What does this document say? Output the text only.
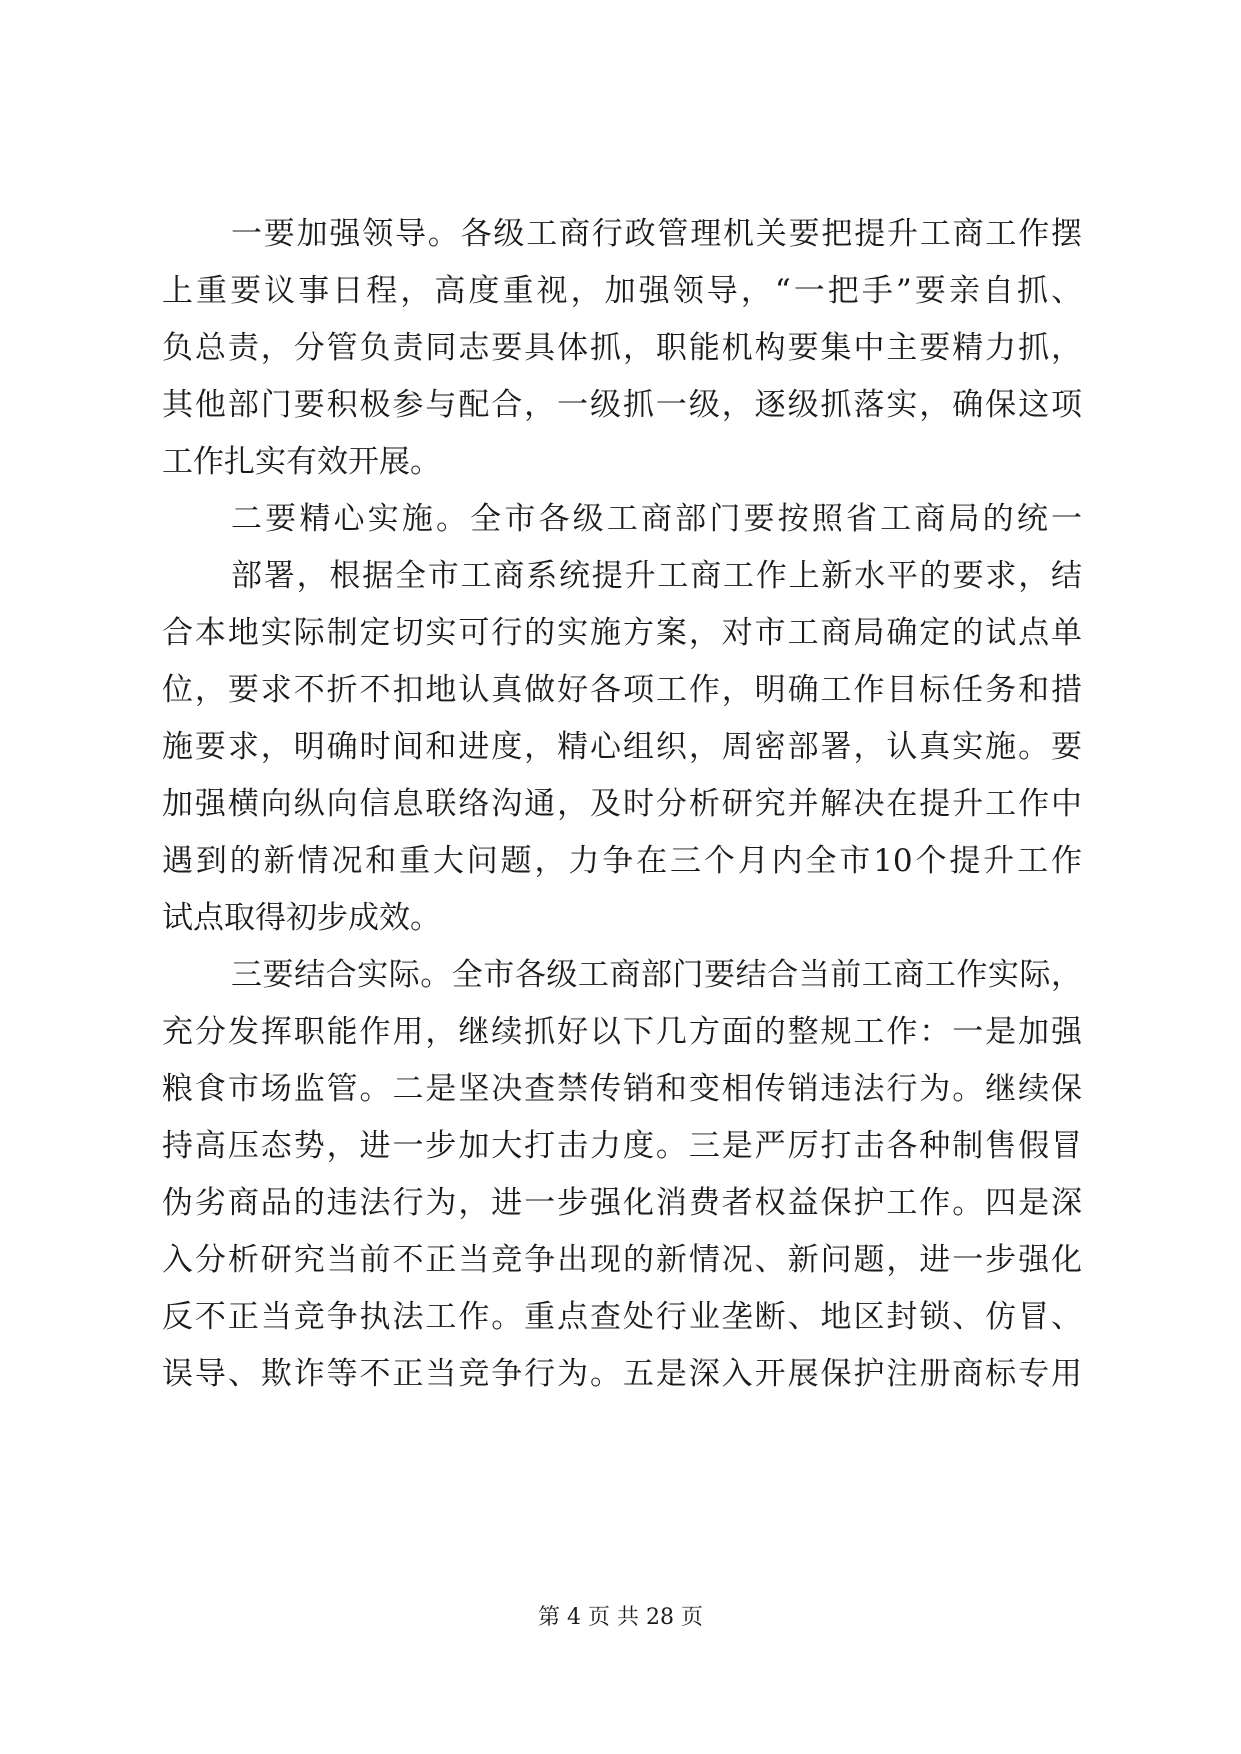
一要加强领导。各级工商行政管理机关要把提升工商工作摆
上重要议事日程，高度重视，加强领导，“一把手”要亲自抓、
负总责，分管负责同志要具体抓，职能机构要集中主要精力抓，
其他部门要积极参与配合，一级抓一级，逐级抓落实，确保这项
工作扎实有效开展。
二要精心实施。全市各级工商部门要按照省工商局的统一
部署，根据全市工商系统提升工商工作上新水平的要求，结
合本地实际制定切实可行的实施方案，对市工商局确定的试点单
位，要求不折不扣地认真做好各项工作，明确工作目标任务和措
施要求，明确时间和进度，精心组织，周密部署，认真实施。要
加强横向纵向信息联络沟通，及时分析研究并解决在提升工作中
遇到的新情况和重大问题，力争在三个月内全市10个提升工作
试点取得初步成效。
三要结合实际。全市各级工商部门要结合当前工商工作实际，
充分发挥职能作用，继续抓好以下几方面的整规工作：一是加强
粮食市场监管。二是坚决查禁传销和变相传销违法行为。继续保
持高压态势，进一步加大打击力度。三是严厉打击各种制售假冒
伪劣商品的违法行为，进一步强化消费者权益保护工作。四是深
入分析研究当前不正当竞争出现的新情况、新问题，进一步强化
反不正当竞争执法工作。重点查处行业垄断、地区封锁、仿冒、
误导、欺诈等不正当竞争行为。五是深入开展保护注册商标专用
第 4 页 共 28 页
